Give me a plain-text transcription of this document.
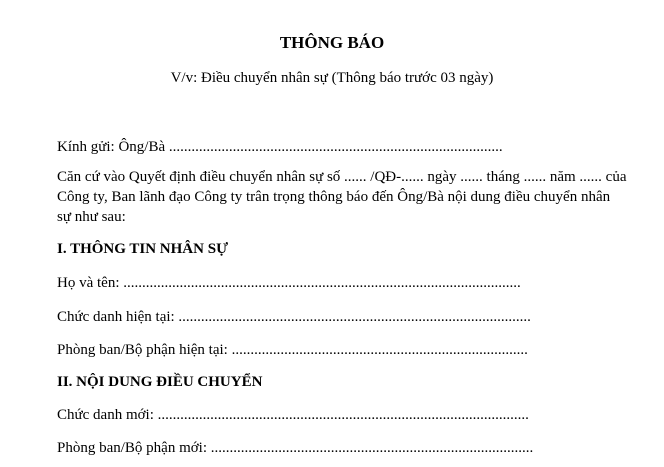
THÔNG BÁO
V/v: Điều chuyển nhân sự (Thông báo trước 03 ngày)
Kính gửi: Ông/Bà .........................................................................................
Căn cứ vào Quyết định điều chuyển nhân sự số ...... /QĐ-...... ngày ...... tháng ...... năm ...... của
Công ty, Ban lãnh đạo Công ty trân trọng thông báo đến Ông/Bà nội dung điều chuyển nhân
sự như sau:
I. THÔNG TIN NHÂN SỰ
Họ và tên: ..........................................................................................................
Chức danh hiện tại: ..............................................................................................
Phòng ban/Bộ phận hiện tại: ...............................................................................
II. NỘI DUNG ĐIỀU CHUYỂN
Chức danh mới: ...................................................................................................
Phòng ban/Bộ phận mới: ......................................................................................
